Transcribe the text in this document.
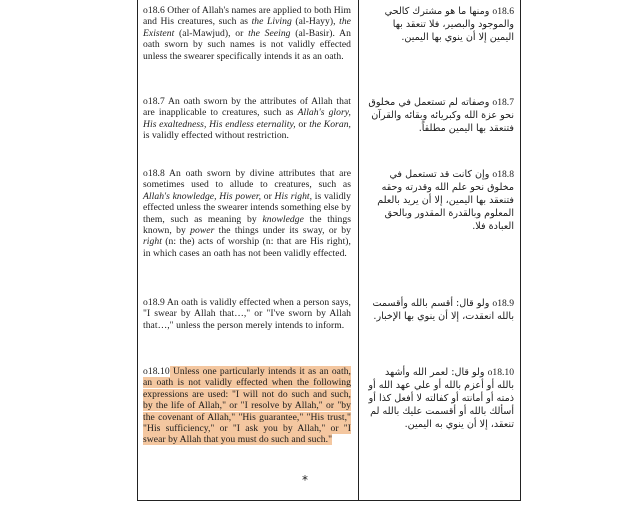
o18.6 Other of Allah's names are applied to both Him and His creatures, such as the Living (al-Hayy), the Existent (al-Mawjud), or the Seeing (al-Basir). An oath sworn by such names is not validly effected unless the swearer specifically intends it as an oath.
o18.7 An oath sworn by the attributes of Allah that are inapplicable to creatures, such as Allah's glory, His exaltedness, His endless eternality, or the Koran, is validly effected without restriction.
o18.8 An oath sworn by divine attributes that are sometimes used to allude to creatures, such as Allah's knowledge, His power, or His right, is validly effected unless the swearer intends something else by them, such as meaning by knowledge the things known, by power the things under its sway, or by right (n: the) acts of worship (n: that are His right), in which cases an oath has not been validly effected.
o18.9 An oath is validly effected when a person says, "I swear by Allah that…," or "I've sworn by Allah that…," unless the person merely intends to inform.
o18.10 Unless one particularly intends it as an oath, an oath is not validly effected when the following expressions are used: "I will not do such and such, by the life of Allah," or "I resolve by Allah," or "by the covenant of Allah," "His guarantee," "His trust," "His sufficiency," or "I ask you by Allah," or "I swear by Allah that you must do such and such."
o18.6 ومنها ما هو مشترك كالحي والموجود والبصير، فلا تنعقد بها اليمين إلا أن ينوي بها اليمين.
o18.7 وصفاته لم تستعمل في مخلوق نحو عزة الله وكبريائه وبقائه والقرآن فتنعقد بها اليمين مطلقاً.
o18.8 وإن كانت قد تستعمل في مخلوق نحو علم الله وقدرته وحقه فتنعقد بها اليمين، إلا أن يريد بالعلم المعلوم وبالقدرة المقدور وبالحق العبادة فلا.
o18.9 ولو قال: أقسم بالله وأقسمت بالله انعقدت، إلا أن ينوي بها الإخبار.
o18.10 ولو قال: لعمر الله وأشهد بالله أو أعزم بالله أو علي عهد الله أو ذمته أو أمانته أو كفالته لا أفعل كذا أو أسألك بالله أو أقسمت عليك بالله لم تنعقد، إلا أن ينوي به اليمين.
*
